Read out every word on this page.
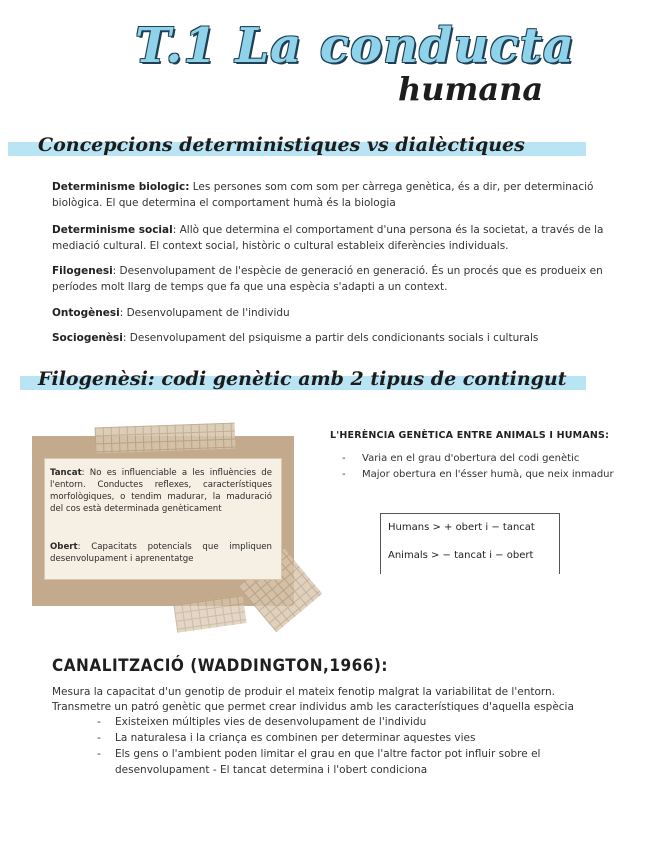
T.1 La conducta
humana
Concepcions deterministiques vs dialèctiques
Determinisme biologic: Les persones som com som per càrrega genètica, és a dir, per determinació biològica. El que determina el comportament humà és la biologia
Determinisme social: Allò que determina el comportament d'una persona és la societat, a través de la mediació cultural. El context social, històric o cultural estableix diferències individuals.
Filogenesi: Desenvolupament de l'espècie de generació en generació. És un procés que es produeix en períodes molt llarg de temps que fa que una espècia s'adapti a un context.
Ontogènesi: Desenvolupament de l'individu
Sociogenèsi: Desenvolupament del psiquisme a partir dels condicionants socials i culturals
Filogenèsi: codi genètic amb 2 tipus de contingut
Tancat: No es influenciable a les influències de l'entorn. Conductes reflexes, característiques morfològiques, o tendim madurar, la maduració del cos està determinada genèticament
Obert: Capacitats potencials que impliquen desenvolupament i aprenentatge
L'HERÈNCIA GENÈTICA ENTRE ANIMALS I HUMANS:
- Varia en el grau d'obertura del codi genètic
- Major obertura en l'ésser humà, que neix inmadur
Humans > + obert i − tancat
Animals > − tancat i − obert
CANALITZACIÓ (WADDINGTON,1966):
Mesura la capacitat d'un genotip de produir el mateix fenotip malgrat la variabilitat de l'entorn.
Transmetre un patró genètic que permet crear individus amb les característiques d'aquella espècia
- Existeixen múltiples vies de desenvolupament de l'individu
- La naturalesa i la criança es combinen per determinar aquestes vies
- Els gens o l'ambient poden limitar el grau en que l'altre factor pot influir sobre el desenvolupament - El tancat determina i l'obert condiciona
